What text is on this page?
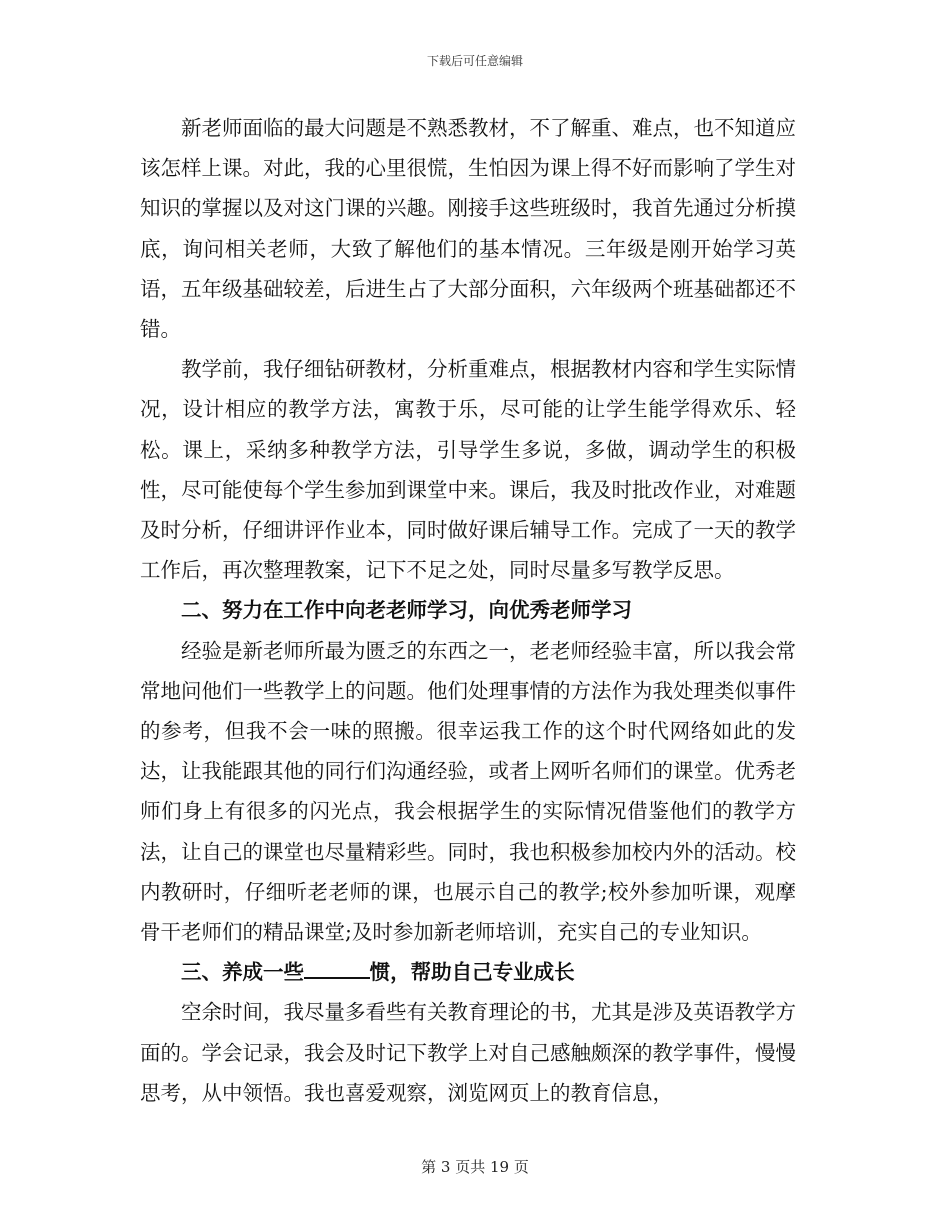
下载后可任意编辑

新老师面临的最大问题是不熟悉教材，不了解重、难点，也不知道应该怎样上课。对此，我的心里很慌，生怕因为课上得不好而影响了学生对知识的掌握以及对这门课的兴趣。刚接手这些班级时，我首先通过分析摸底，询问相关老师，大致了解他们的基本情况。三年级是刚开始学习英语，五年级基础较差，后进生占了大部分面积，六年级两个班基础都还不错。

教学前，我仔细钻研教材，分析重难点，根据教材内容和学生实际情况，设计相应的教学方法，寓教于乐，尽可能的让学生能学得欢乐、轻松。课上，采纳多种教学方法，引导学生多说，多做，调动学生的积极性，尽可能使每个学生参加到课堂中来。课后，我及时批改作业，对难题及时分析，仔细讲评作业本，同时做好课后辅导工作。完成了一天的教学工作后，再次整理教案，记下不足之处，同时尽量多写教学反思。

二、努力在工作中向老老师学习，向优秀老师学习

经验是新老师所最为匮乏的东西之一，老老师经验丰富，所以我会常常地问他们一些教学上的问题。他们处理事情的方法作为我处理类似事件的参考，但我不会一味的照搬。很幸运我工作的这个时代网络如此的发达，让我能跟其他的同行们沟通经验，或者上网听名师们的课堂。优秀老师们身上有很多的闪光点，我会根据学生的实际情况借鉴他们的教学方法，让自己的课堂也尽量精彩些。同时，我也积极参加校内外的活动。校内教研时，仔细听老老师的课，也展示自己的教学;校外参加听课，观摩骨干老师们的精品课堂;及时参加新老师培训，充实自己的专业知识。

三、养成一些	惯，帮助自己专业成长

空余时间，我尽量多看些有关教育理论的书，尤其是涉及英语教学方面的。学会记录，我会及时记下教学上对自己感触颇深的教学事件，慢慢思考，从中领悟。我也喜爱观察，浏览网页上的教育信息，

第 3 页共 19 页
